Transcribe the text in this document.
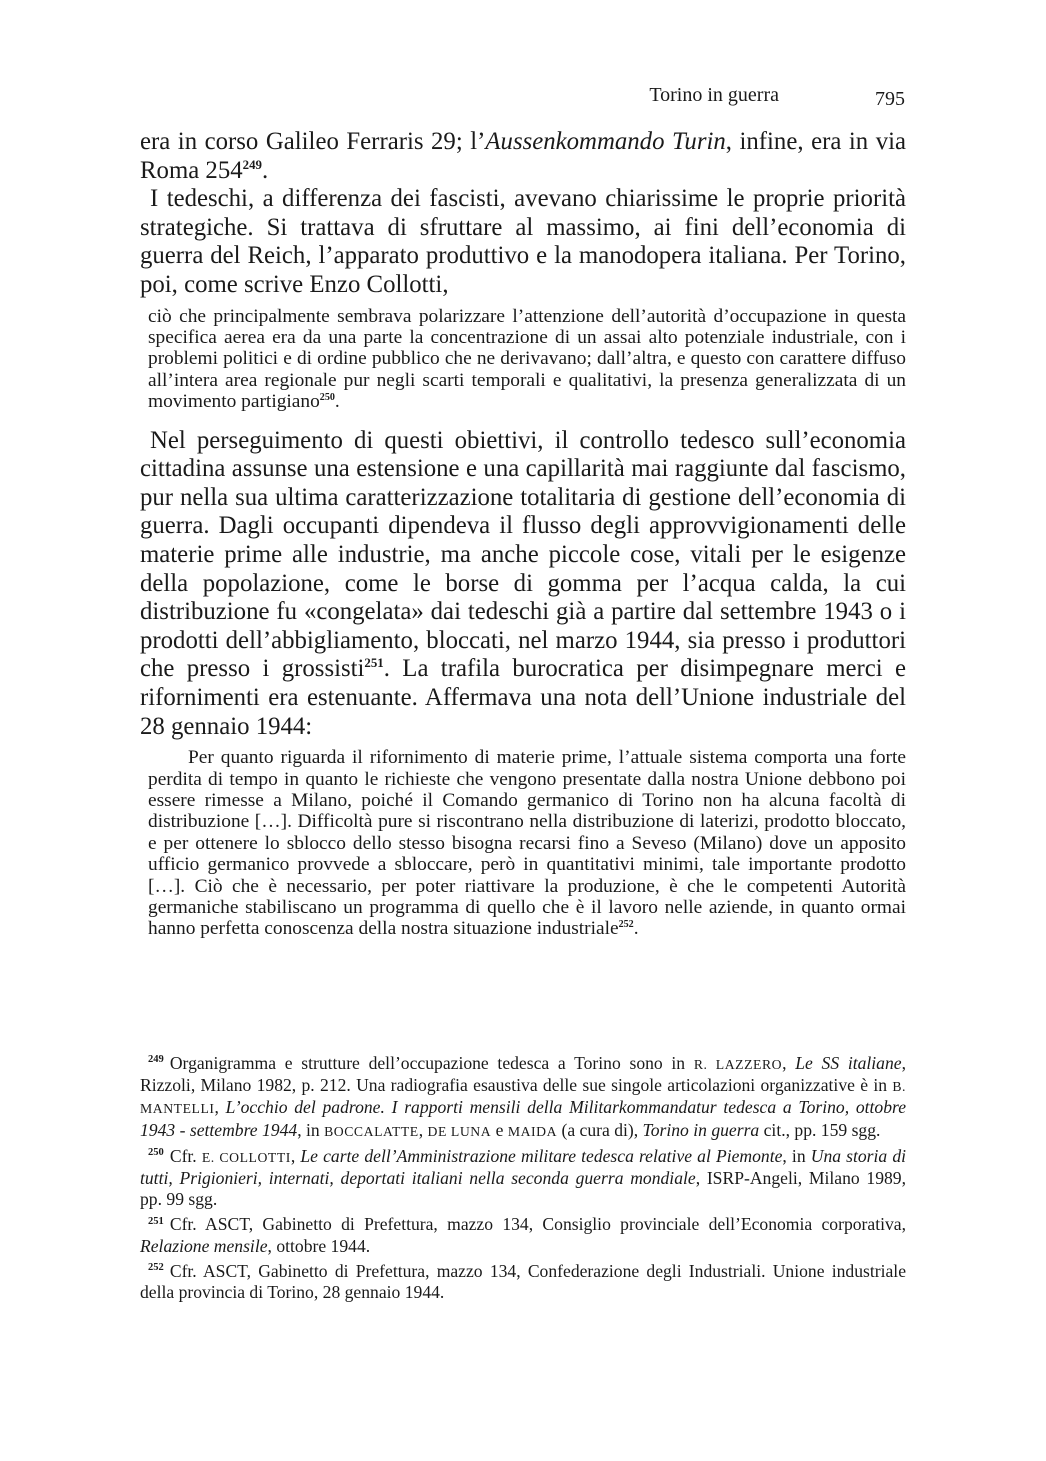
Torino in guerra	795

era in corso Galileo Ferraris 29; l’Aussenkommando Turin, infine, era in via Roma $254^{249}$.

I tedeschi, a differenza dei fascisti, avevano chiarissime le proprie priorità strategiche. Si trattava di sfruttare al massimo, ai fini dell’economia di guerra del Reich, l’apparato produttivo e la manodopera italiana. Per Torino, poi, come scrive Enzo Collotti,

ciò che principalmente sembrava polarizzare l’attenzione dell’autorità d’occupazione in questa specifica aerea era da una parte la concentrazione di un assai alto potenziale industriale, con i problemi politici e di ordine pubblico che ne derivavano; dall’altra, e questo con carattere diffuso all’intera area regionale pur negli scarti temporali e qualitativi, la presenza generalizzata di un movimento partigiano$^{250}$.

Nel perseguimento di questi obiettivi, il controllo tedesco sull’economia cittadina assunse una estensione e una capillarità mai raggiunte dal fascismo, pur nella sua ultima caratterizzazione totalitaria di gestione dell’economia di guerra. Dagli occupanti dipendeva il flusso degli approvvigionamenti delle materie prime alle industrie, ma anche piccole cose, vitali per le esigenze della popolazione, come le borse di gomma per l’acqua calda, la cui distribuzione fu «congelata» dai tedeschi già a partire dal settembre 1943 o i prodotti dell’abbigliamento, bloccati, nel marzo 1944, sia presso i produttori che presso i grossisti$^{251}$. La trafila burocratica per disimpegnare merci e rifornimenti era estenuante. Affermava una nota dell’Unione industriale del 28 gennaio 1944:

Per quanto riguarda il rifornimento di materie prime, l’attuale sistema comporta una forte perdita di tempo in quanto le richieste che vengono presentate dalla nostra Unione debbono poi essere rimesse a Milano, poiché il Comando germanico di Torino non ha alcuna facoltà di distribuzione […]. Difficoltà pure si riscontrano nella distribuzione di laterizi, prodotto bloccato, e per ottenere lo sblocco dello stesso bisogna recarsi fino a Seveso (Milano) dove un apposito ufficio germanico provvede a sbloccare, però in quantitativi minimi, tale importante prodotto […]. Ciò che è necessario, per poter riattivare la produzione, è che le competenti Autorità germaniche stabiliscano un programma di quello che è il lavoro nelle aziende, in quanto ormai hanno perfetta conoscenza della nostra situazione industriale$^{252}$.

$^{249}$ Organigramma e strutture dell’occupazione tedesca a Torino sono in R. LAZZERO, Le SS italiane, Rizzoli, Milano 1982, p. 212. Una radiografia esaustiva delle sue singole articolazioni organizzative è in B. MANTELLI, L’occhio del padrone. I rapporti mensili della Militarkommandatur tedesca a Torino, ottobre 1943 - settembre 1944, in BOCCALATTE, DE LUNA e MAIDA (a cura di), Torino in guerra cit., pp. 159 sgg.

$^{250}$ Cfr. E. COLLOTTI, Le carte dell’Amministrazione militare tedesca relative al Piemonte, in Una storia di tutti, Prigionieri, internati, deportati italiani nella seconda guerra mondiale, ISRP-Angeli, Milano 1989, pp. 99 sgg.

$^{251}$ Cfr. ASCT, Gabinetto di Prefettura, mazzo 134, Consiglio provinciale dell’Economia corporativa, Relazione mensile, ottobre 1944.

$^{252}$ Cfr. ASCT, Gabinetto di Prefettura, mazzo 134, Confederazione degli Industriali. Unione industriale della provincia di Torino, 28 gennaio 1944.
